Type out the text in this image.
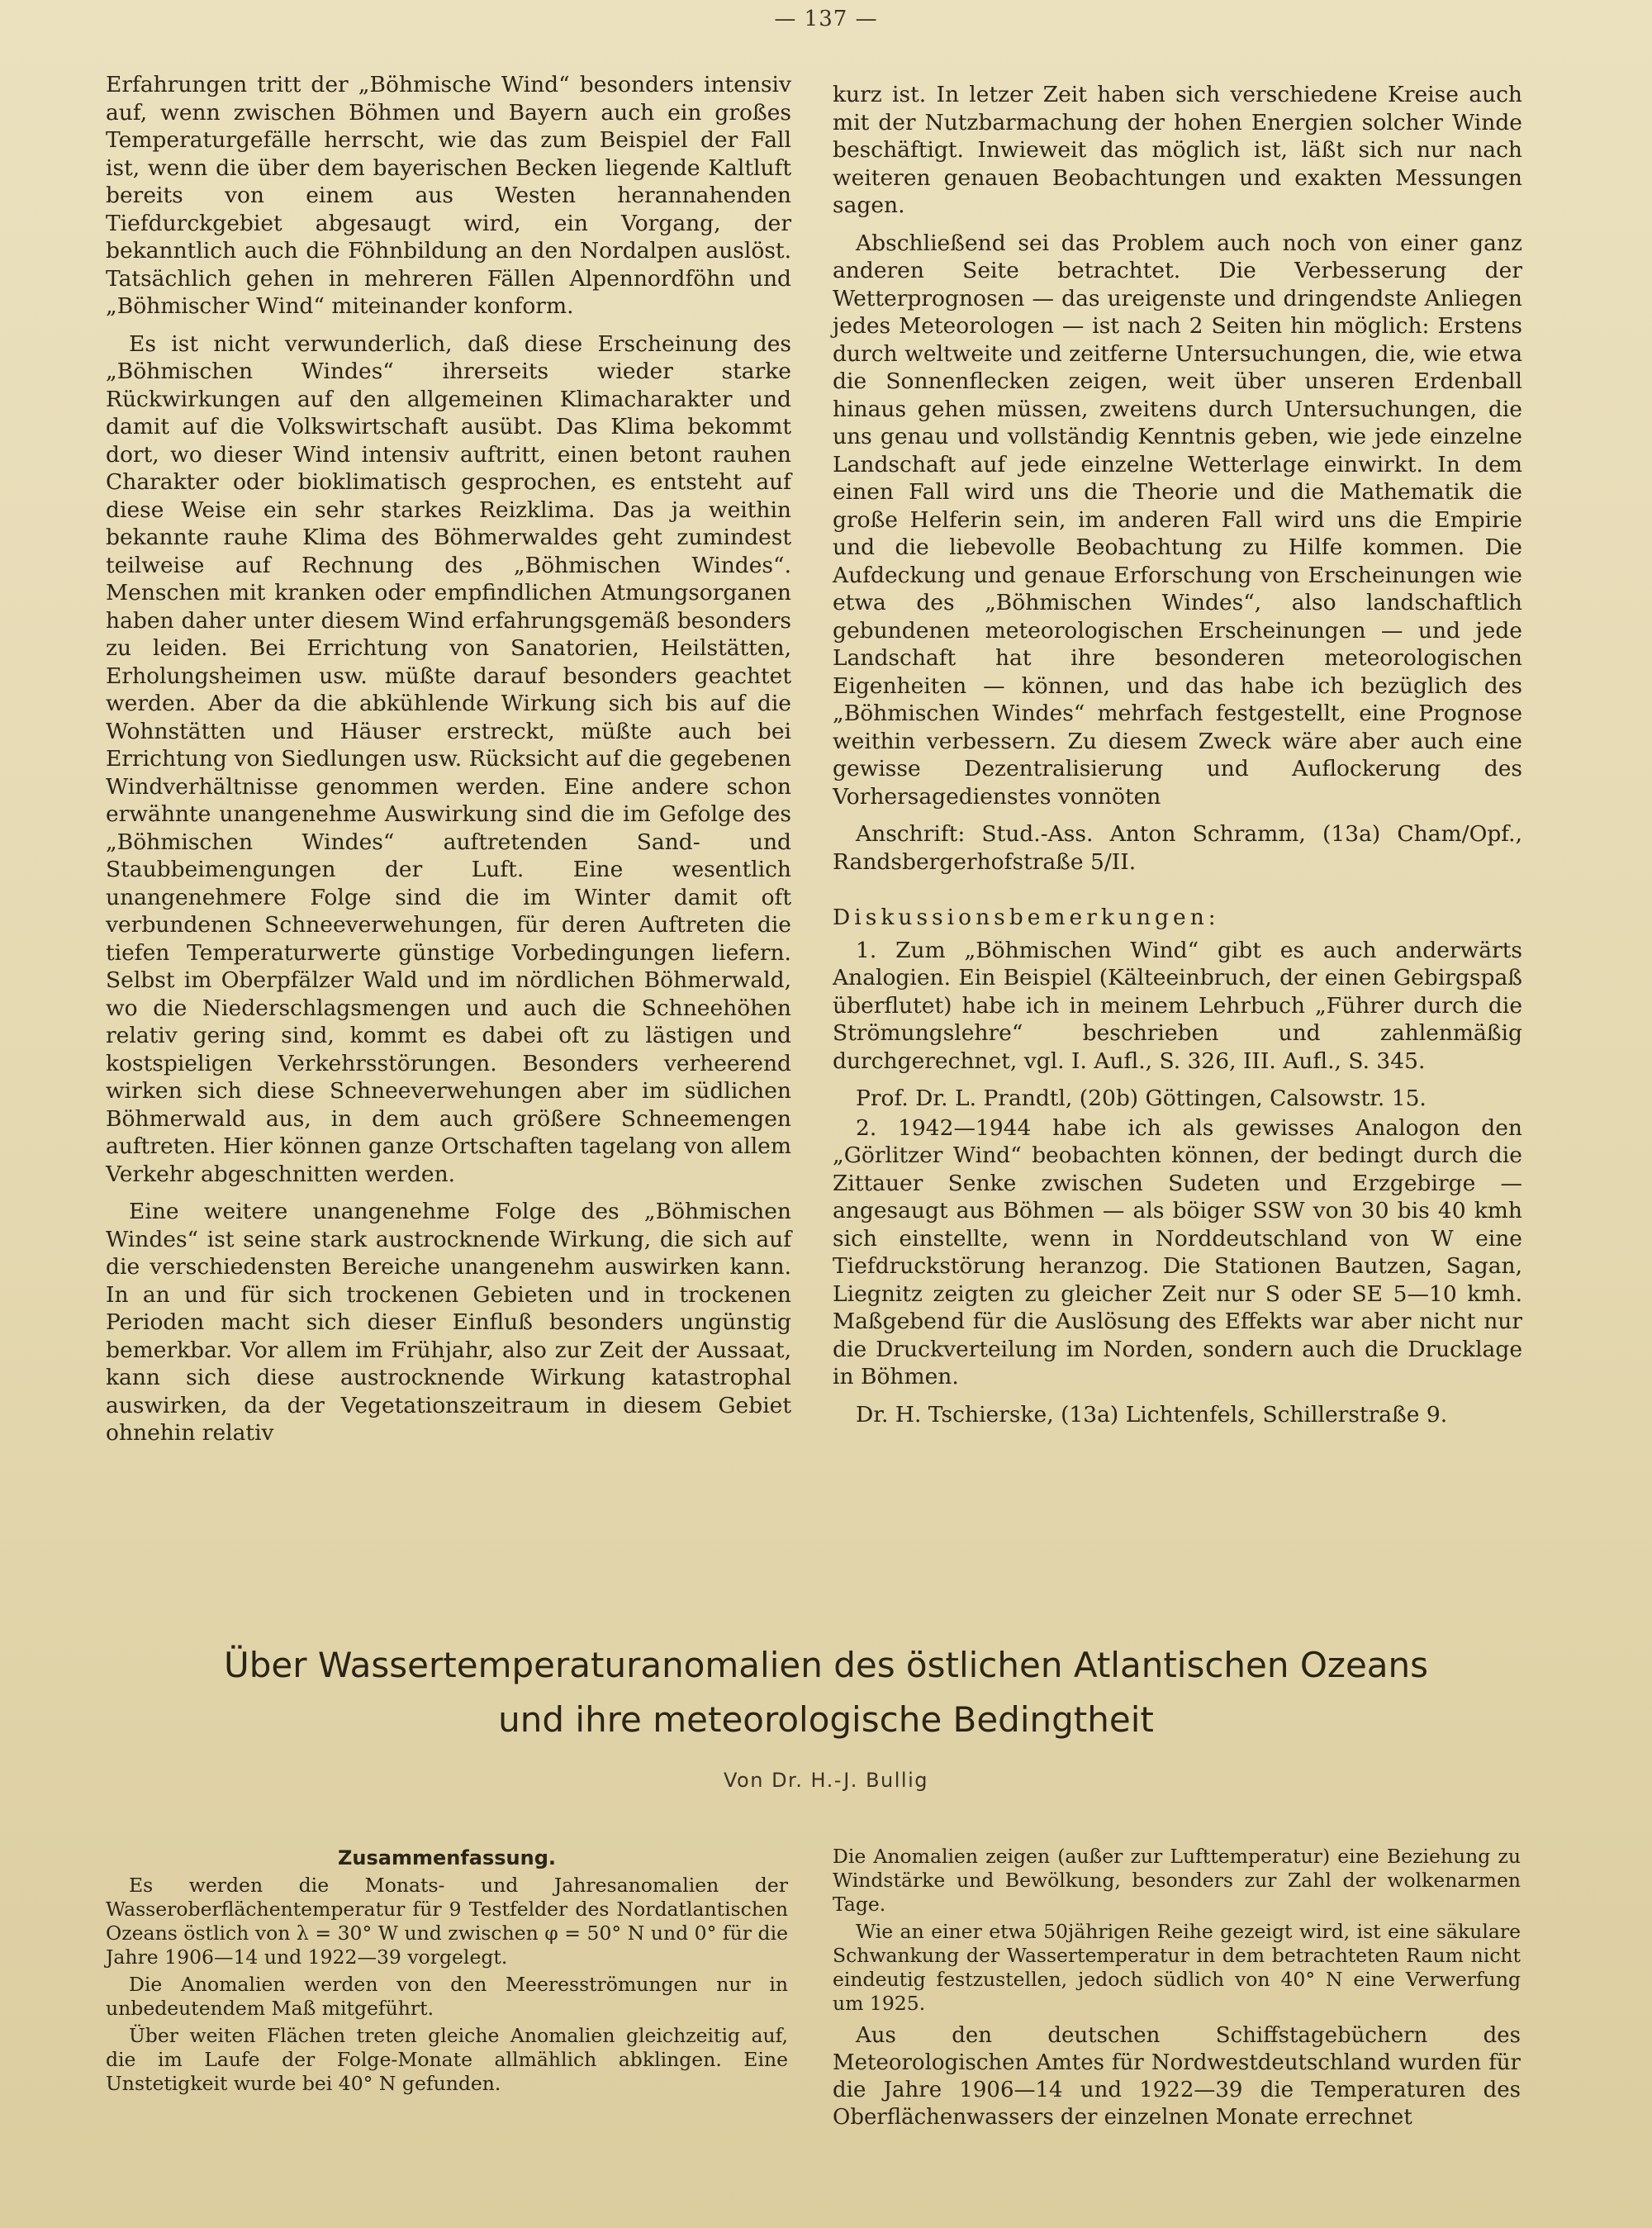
— 137 —

Erfahrungen tritt der „Böhmische Wind“ besonders intensiv auf, wenn zwischen Böhmen und Bayern auch ein großes Temperaturgefälle herrscht, wie das zum Beispiel der Fall ist, wenn die über dem bayerischen Becken liegende Kaltluft bereits von einem aus Westen herannahenden Tiefdurckgebiet abgesaugt wird, ein Vorgang, der bekanntlich auch die Föhnbildung an den Nordalpen auslöst. Tatsächlich gehen in mehreren Fällen Alpennordföhn und „Böhmischer Wind“ miteinander konform.

Es ist nicht verwunderlich, daß diese Erscheinung des „Böhmischen Windes“ ihrerseits wieder starke Rückwirkungen auf den allgemeinen Klimacharakter und damit auf die Volkswirtschaft ausübt. Das Klima bekommt dort, wo dieser Wind intensiv auftritt, einen betont rauhen Charakter oder bioklimatisch gesprochen, es entsteht auf diese Weise ein sehr starkes Reizklima. Das ja weithin bekannte rauhe Klima des Böhmerwaldes geht zumindest teilweise auf Rechnung des „Böhmischen Windes“. Menschen mit kranken oder empfindlichen Atmungsorganen haben daher unter diesem Wind erfahrungsgemäß besonders zu leiden. Bei Errichtung von Sanatorien, Heilstätten, Erholungsheimen usw. müßte darauf besonders geachtet werden. Aber da die abkühlende Wirkung sich bis auf die Wohnstätten und Häuser erstreckt, müßte auch bei Errichtung von Siedlungen usw. Rücksicht auf die gegebenen Windverhältnisse genommen werden. Eine andere schon erwähnte unangenehme Auswirkung sind die im Gefolge des „Böhmischen Windes“ auftretenden Sand- und Staubbeimengungen der Luft. Eine wesentlich unangenehmere Folge sind die im Winter damit oft verbundenen Schneeverwehungen, für deren Auftreten die tiefen Temperaturwerte günstige Vorbedingungen liefern. Selbst im Oberpfälzer Wald und im nördlichen Böhmerwald, wo die Niederschlagsmengen und auch die Schneehöhen relativ gering sind, kommt es dabei oft zu lästigen und kostspieligen Verkehrsstörungen. Besonders verheerend wirken sich diese Schneeverwehungen aber im südlichen Böhmerwald aus, in dem auch größere Schneemengen auftreten. Hier können ganze Ortschaften tagelang von allem Verkehr abgeschnitten werden.

Eine weitere unangenehme Folge des „Böhmischen Windes“ ist seine stark austrocknende Wirkung, die sich auf die verschiedensten Bereiche unangenehm auswirken kann. In an und für sich trockenen Gebieten und in trockenen Perioden macht sich dieser Einfluß besonders ungünstig bemerkbar. Vor allem im Frühjahr, also zur Zeit der Aussaat, kann sich diese austrocknende Wirkung katastrophal auswirken, da der Vegetationszeitraum in diesem Gebiet ohnehin relativ

kurz ist. In letzer Zeit haben sich verschiedene Kreise auch mit der Nutzbarmachung der hohen Energien solcher Winde beschäftigt. Inwieweit das möglich ist, läßt sich nur nach weiteren genauen Beobachtungen und exakten Messungen sagen.

Abschließend sei das Problem auch noch von einer ganz anderen Seite betrachtet. Die Verbesserung der Wetterprognosen — das ureigenste und dringendste Anliegen jedes Meteorologen — ist nach 2 Seiten hin möglich: Erstens durch weltweite und zeitferne Untersuchungen, die, wie etwa die Sonnenflecken zeigen, weit über unseren Erdenball hinaus gehen müssen, zweitens durch Untersuchungen, die uns genau und vollständig Kenntnis geben, wie jede einzelne Landschaft auf jede einzelne Wetterlage einwirkt. In dem einen Fall wird uns die Theorie und die Mathematik die große Helferin sein, im anderen Fall wird uns die Empirie und die liebevolle Beobachtung zu Hilfe kommen. Die Aufdeckung und genaue Erforschung von Erscheinungen wie etwa des „Böhmischen Windes“, also landschaftlich gebundenen meteorologischen Erscheinungen — und jede Landschaft hat ihre besonderen meteorologischen Eigenheiten — können, und das habe ich bezüglich des „Böhmischen Windes“ mehrfach festgestellt, eine Prognose weithin verbessern. Zu diesem Zweck wäre aber auch eine gewisse Dezentralisierung und Auflockerung des Vorhersagedienstes vonnöten

Anschrift: Stud.-Ass. Anton Schramm, (13a) Cham/Opf., Randsbergerhofstraße 5/II.

Diskussionsbemerkungen:

1. Zum „Böhmischen Wind“ gibt es auch anderwärts Analogien. Ein Beispiel (Kälteeinbruch, der einen Gebirgspaß überflutet) habe ich in meinem Lehrbuch „Führer durch die Strömungslehre“ beschrieben und zahlenmäßig durchgerechnet, vgl. I. Aufl., S. 326, III. Aufl., S. 345.

Prof. Dr. L. Prandtl, (20b) Göttingen, Calsowstr. 15.

2. 1942—1944 habe ich als gewisses Analogon den „Görlitzer Wind“ beobachten können, der bedingt durch die Zittauer Senke zwischen Sudeten und Erzgebirge — angesaugt aus Böhmen — als böiger SSW von 30 bis 40 kmh sich einstellte, wenn in Norddeutschland von W eine Tiefdruckstörung heranzog. Die Stationen Bautzen, Sagan, Liegnitz zeigten zu gleicher Zeit nur S oder SE 5—10 kmh. Maßgebend für die Auslösung des Effekts war aber nicht nur die Druckverteilung im Norden, sondern auch die Drucklage in Böhmen.

Dr. H. Tschierske, (13a) Lichtenfels, Schillerstraße 9.

Über Wassertemperaturanomalien des östlichen Atlantischen Ozeans
und ihre meteorologische Bedingtheit
Von Dr. H.-J. Bullig
Zusammenfassung.

Es werden die Monats- und Jahresanomalien der Wasseroberflächentemperatur für 9 Testfelder des Nordatlantischen Ozeans östlich von λ = 30° W und zwischen φ = 50° N und 0° für die Jahre 1906—14 und 1922—39 vorgelegt.

Die Anomalien werden von den Meeresströmungen nur in unbedeutendem Maß mitgeführt.

Über weiten Flächen treten gleiche Anomalien gleichzeitig auf, die im Laufe der Folge-Monate allmählich abklingen. Eine Unstetigkeit wurde bei 40° N gefunden.

Die Anomalien zeigen (außer zur Lufttemperatur) eine Beziehung zu Windstärke und Bewölkung, besonders zur Zahl der wolkenarmen Tage.

Wie an einer etwa 50jährigen Reihe gezeigt wird, ist eine säkulare Schwankung der Wassertemperatur in dem betrachteten Raum nicht eindeutig festzustellen, jedoch südlich von 40° N eine Verwerfung um 1925.

Aus den deutschen Schiffstagebüchern des Meteorologischen Amtes für Nordwestdeutschland wurden für die Jahre 1906—14 und 1922—39 die Temperaturen des Oberflächenwassers der einzelnen Monate errechnet
